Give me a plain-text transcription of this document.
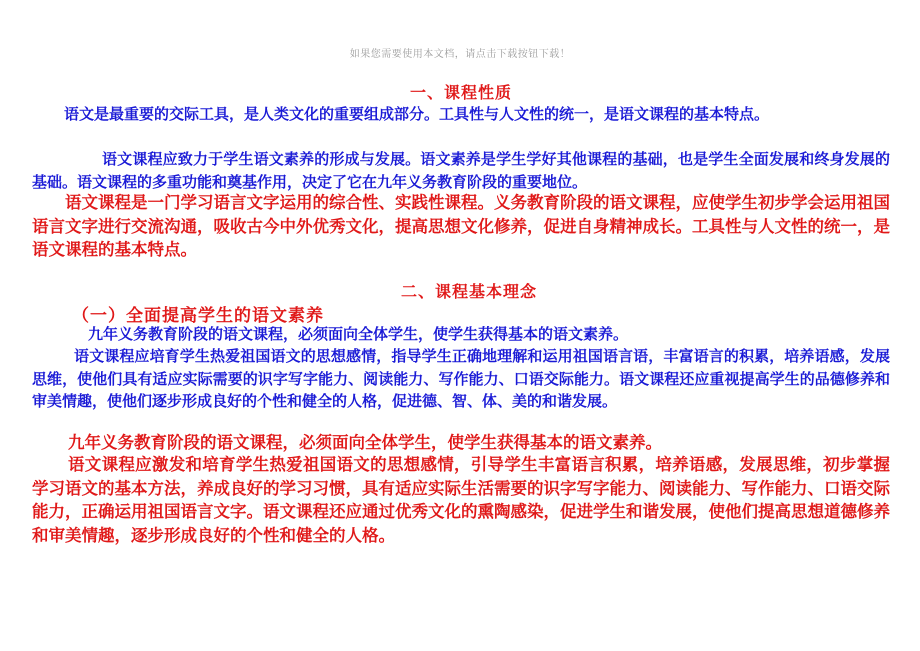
如果您需要使用本文档，请点击下载按钮下载！
一、课程性质

语文是最重要的交际工具，是人类文化的重要组成部分。工具性与人文性的统一，是语文课程的基本特点。

语文课程应致力于学生语文素养的形成与发展。语文素养是学生学好其他课程的基础，也是学生全面发展和终身发展的基础。语文课程的多重功能和奠基作用，决定了它在九年义务教育阶段的重要地位。

语文课程是一门学习语言文字运用的综合性、实践性课程。义务教育阶段的语文课程，应使学生初步学会运用祖国语言文字进行交流沟通，吸收古今中外优秀文化，提高思想文化修养，促进自身精神成长。工具性与人文性的统一，是语文课程的基本特点。

二、课程基本理念
（一）全面提高学生的语文素养

九年义务教育阶段的语文课程，必须面向全体学生，使学生获得基本的语文素养。

语文课程应培育学生热爱祖国语文的思想感情，指导学生正确地理解和运用祖国语言语，丰富语言的积累，培养语感，发展思维，使他们具有适应实际需要的识字写字能力、阅读能力、写作能力、口语交际能力。语文课程还应重视提高学生的品德修养和审美情趣，使他们逐步形成良好的个性和健全的人格，促进德、智、体、美的和谐发展。

九年义务教育阶段的语文课程，必须面向全体学生，使学生获得基本的语文素养。

语文课程应激发和培育学生热爱祖国语文的思想感情，引导学生丰富语言积累，培养语感，发展思维，初步掌握学习语文的基本方法，养成良好的学习习惯，具有适应实际生活需要的识字写字能力、阅读能力、写作能力、口语交际能力，正确运用祖国语言文字。语文课程还应通过优秀文化的熏陶感染，促进学生和谐发展，使他们提高思想道德修养和审美情趣，逐步形成良好的个性和健全的人格。
